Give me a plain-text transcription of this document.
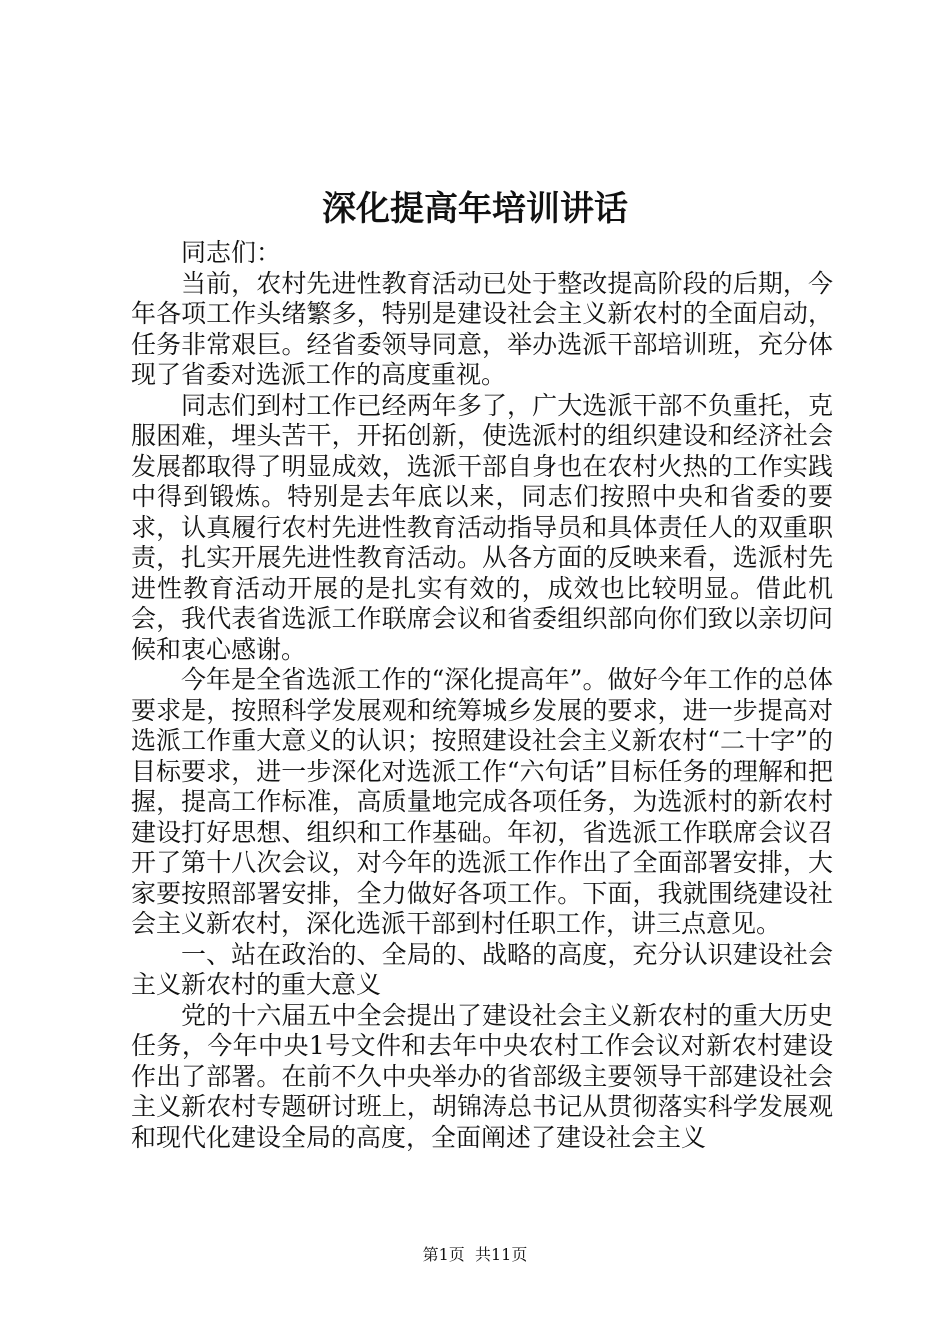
深化提高年培训讲话

同志们：

当前，农村先进性教育活动已处于整改提高阶段的后期，今年各项工作头绪繁多，特别是建设社会主义新农村的全面启动，任务非常艰巨。经省委领导同意，举办选派干部培训班，充分体现了省委对选派工作的高度重视。

同志们到村工作已经两年多了，广大选派干部不负重托，克服困难，埋头苦干，开拓创新，使选派村的组织建设和经济社会发展都取得了明显成效，选派干部自身也在农村火热的工作实践中得到锻炼。特别是去年底以来，同志们按照中央和省委的要求，认真履行农村先进性教育活动指导员和具体责任人的双重职责，扎实开展先进性教育活动。从各方面的反映来看，选派村先进性教育活动开展的是扎实有效的，成效也比较明显。借此机会，我代表省选派工作联席会议和省委组织部向你们致以亲切问候和衷心感谢。

今年是全省选派工作的“深化提高年”。做好今年工作的总体要求是，按照科学发展观和统筹城乡发展的要求，进一步提高对选派工作重大意义的认识；按照建设社会主义新农村“二十字”的目标要求，进一步深化对选派工作“六句话”目标任务的理解和把握，提高工作标准，高质量地完成各项任务，为选派村的新农村建设打好思想、组织和工作基础。年初，省选派工作联席会议召开了第十八次会议，对今年的选派工作作出了全面部署安排，大家要按照部署安排，全力做好各项工作。下面，我就围绕建设社会主义新农村，深化选派干部到村任职工作，讲三点意见。

一、站在政治的、全局的、战略的高度，充分认识建设社会主义新农村的重大意义

党的十六届五中全会提出了建设社会主义新农村的重大历史任务，今年中央1号文件和去年中央农村工作会议对新农村建设作出了部署。在前不久中央举办的省部级主要领导干部建设社会主义新农村专题研讨班上，胡锦涛总书记从贯彻落实科学发展观和现代化建设全局的高度，全面阐述了建设社会主义

第1页 共11页
